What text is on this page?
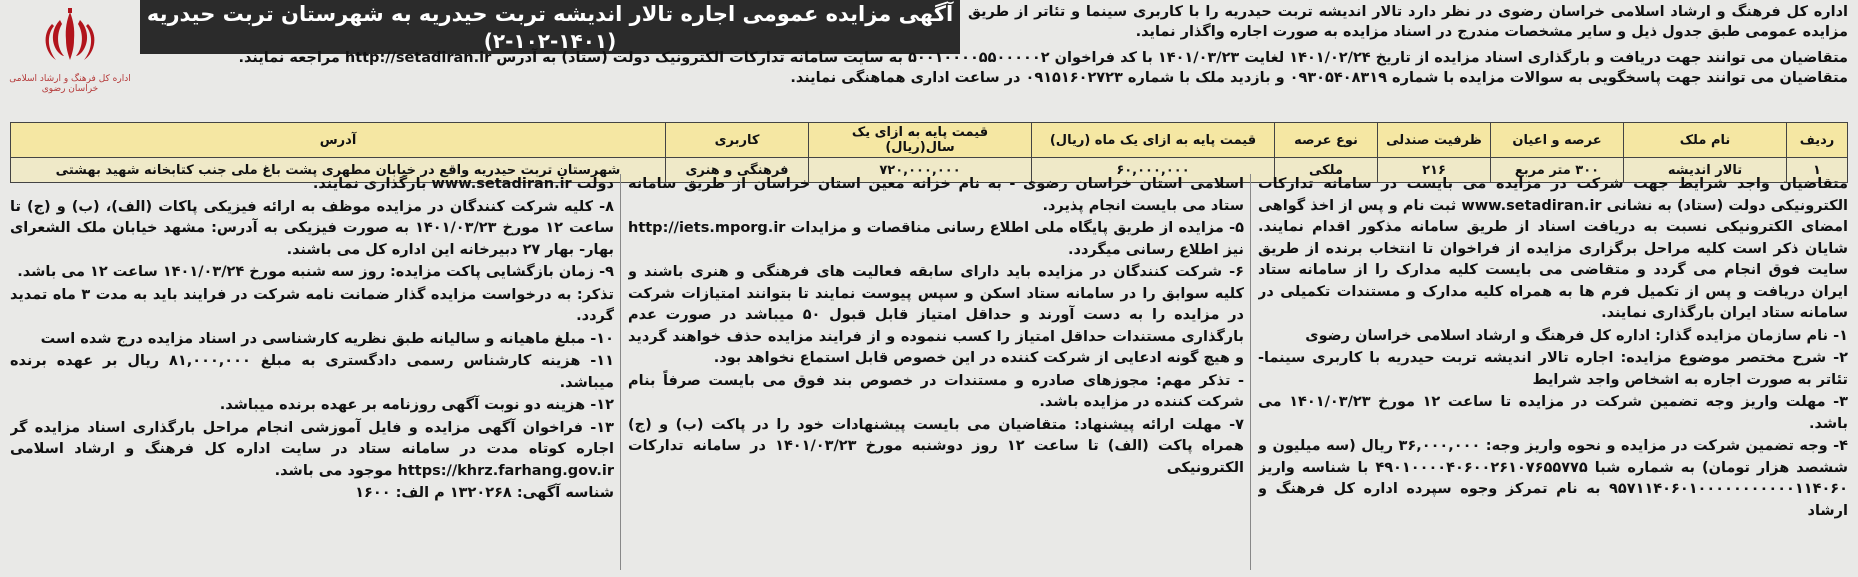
اداره کل فرهنگ و ارشاد اسلامی خراسان رضوی
آگهی مزایده عمومی اجاره تالار اندیشه تربت حیدریه به شهرستان تربت حیدریه
(۲-۱۰۲-۱۴۰۱)
اداره کل فرهنگ و ارشاد اسلامی خراسان رضوی در نظر دارد تالار اندیشه تربت حیدریه را با کاربری سینما و تئاتر از طریق مزایده عمومی طبق جدول ذیل و سایر مشخصات مندرج در اسناد مزایده به صورت اجاره واگذار نماید.
متقاضیان می توانند جهت دریافت و بارگذاری اسناد مزایده از تاریخ ۱۴۰۱/۰۲/۲۴ لغایت ۱۴۰۱/۰۳/۲۳ با کد فراخوان ۵۰۰۱۰۰۰۰۵۵۰۰۰۰۰۲ به سایت سامانه تدارکات الکترونیک دولت (ستاد) به آدرس http://setadiran.ir مراجعه نمایند.
متقاضیان می توانند جهت پاسخگویی به سوالات مزایده با شماره ۰۹۳۰۵۴۰۸۳۱۹ و بازدید ملک با شماره ۰۹۱۵۱۶۰۲۷۲۳ در ساعت اداری هماهنگی نمایند.
ردیف	نام ملک	عرصه و اعیان	ظرفیت صندلی	نوع عرصه	قیمت پایه به ازای یک ماه (ریال)	قیمت پایه به ازای یک سال(ریال)	کاربری	آدرس
۱	تالار اندیشه	۳۰۰ متر مربع	۲۱۶	ملکی	۶۰,۰۰۰,۰۰۰	۷۲۰,۰۰۰,۰۰۰	فرهنگی و هنری	شهرستان تربت حیدریه واقع در خیابان مطهری پشت باغ ملی جنب کتابخانه شهید بهشتی

متقاضیان واجد شرایط جهت شرکت در مزایده می بایست در سامانه تدارکات الکترونیکی دولت (ستاد) به نشانی www.setadiran.ir ثبت نام و پس از اخذ گواهی امضای الکترونیکی نسبت به دریافت اسناد از طریق سامانه مذکور اقدام نمایند. شایان ذکر است کلیه مراحل برگزاری مزایده از فراخوان تا انتخاب برنده از طریق سایت فوق انجام می گردد و متقاضی می بایست کلیه مدارک را از سامانه ستاد ایران دریافت و پس از تکمیل فرم ها به همراه کلیه مدارک و مستندات تکمیلی در سامانه ستاد ایران بارگذاری نمایند.

۱- نام سازمان مزایده گذار: اداره کل فرهنگ و ارشاد اسلامی خراسان رضوی

۲- شرح مختصر موضوع مزایده: اجاره تالار اندیشه تربت حیدریه با کاربری سینما-تئاتر به صورت اجاره به اشخاص واجد شرایط

۳- مهلت واریز وجه تضمین شرکت در مزایده تا ساعت ۱۲ مورخ ۱۴۰۱/۰۳/۲۳ می باشد.

۴- وجه تضمین شرکت در مزایده و نحوه واریز وجه: ۳۶,۰۰۰,۰۰۰ ریال (سه میلیون و ششصد هزار تومان) به شماره شبا ۴۹۰۱۰۰۰۰۴۰۶۰۰۲۶۱۰۷۶۵۵۷۷۵ با شناسه واریز ۹۵۷۱۱۴۰۶۰۱۰۰۰۰۰۰۰۰۰۰۰۱۱۴۰۶۰ به نام تمرکز وجوه سپرده اداره کل فرهنگ و ارشاد

اسلامی استان خراسان رضوی - به نام خزانه معین استان خراسان از طریق سامانه ستاد می بایست انجام پذیرد.

۵- مزایده از طریق پایگاه ملی اطلاع رسانی مناقصات و مزایدات http://iets.mporg.ir نیز اطلاع رسانی میگردد.

۶- شرکت کنندگان در مزایده باید دارای سابقه فعالیت های فرهنگی و هنری باشند و کلیه سوابق را در سامانه ستاد اسکن و سپس پیوست نمایند تا بتوانند امتیازات شرکت در مزایده را به دست آورند و حداقل امتیاز قابل قبول ۵۰ میباشد در صورت عدم بارگذاری مستندات حداقل امتیاز را کسب ننموده و از فرایند مزایده حذف خواهند گردید و هیچ گونه ادعایی از شرکت کننده در این خصوص قابل استماع نخواهد بود.

- تذکر مهم: مجوزهای صادره و مستندات در خصوص بند فوق می بایست صرفاً بنام شرکت کننده در مزایده باشد.

۷- مهلت ارائه پیشنهاد: متقاضیان می بایست پیشنهادات خود را در پاکت (ب) و (ج) همراه پاکت (الف) تا ساعت ۱۲ روز دوشنبه مورخ ۱۴۰۱/۰۳/۲۳ در سامانه تدارکات الکترونیکی

دولت www.setadiran.ir بارگذاری نمایند.

۸- کلیه شرکت کنندگان در مزایده موظف به ارائه فیزیکی پاکات (الف)، (ب) و (ج) تا ساعت ۱۲ مورخ ۱۴۰۱/۰۳/۲۳ به صورت فیزیکی به آدرس: مشهد خیابان ملک الشعرای بهار- بهار ۲۷ دبیرخانه این اداره کل می باشند.

۹- زمان بازگشایی پاکت مزایده: روز سه شنبه مورخ ۱۴۰۱/۰۳/۲۴ ساعت ۱۲ می باشد.

تذکر: به درخواست مزایده گذار ضمانت نامه شرکت در فرایند باید به مدت ۳ ماه تمدید گردد.

۱۰- مبلغ ماهیانه و سالیانه طبق نظریه کارشناسی در اسناد مزایده درج شده است

۱۱- هزینه کارشناس رسمی دادگستری به مبلغ ۸۱,۰۰۰,۰۰۰ ریال بر عهده برنده میباشد.

۱۲- هزینه دو نوبت آگهی روزنامه بر عهده برنده میباشد.

۱۳- فراخوان آگهی مزایده و فایل آموزشی انجام مراحل بارگذاری اسناد مزایده گر اجاره کوتاه مدت در سامانه ستاد در سایت اداره کل فرهنگ و ارشاد اسلامی https://khrz.farhang.gov.ir موجود می باشد.

شناسه آگهی: ۱۳۲۰۲۶۸ م الف: ۱۶۰۰
